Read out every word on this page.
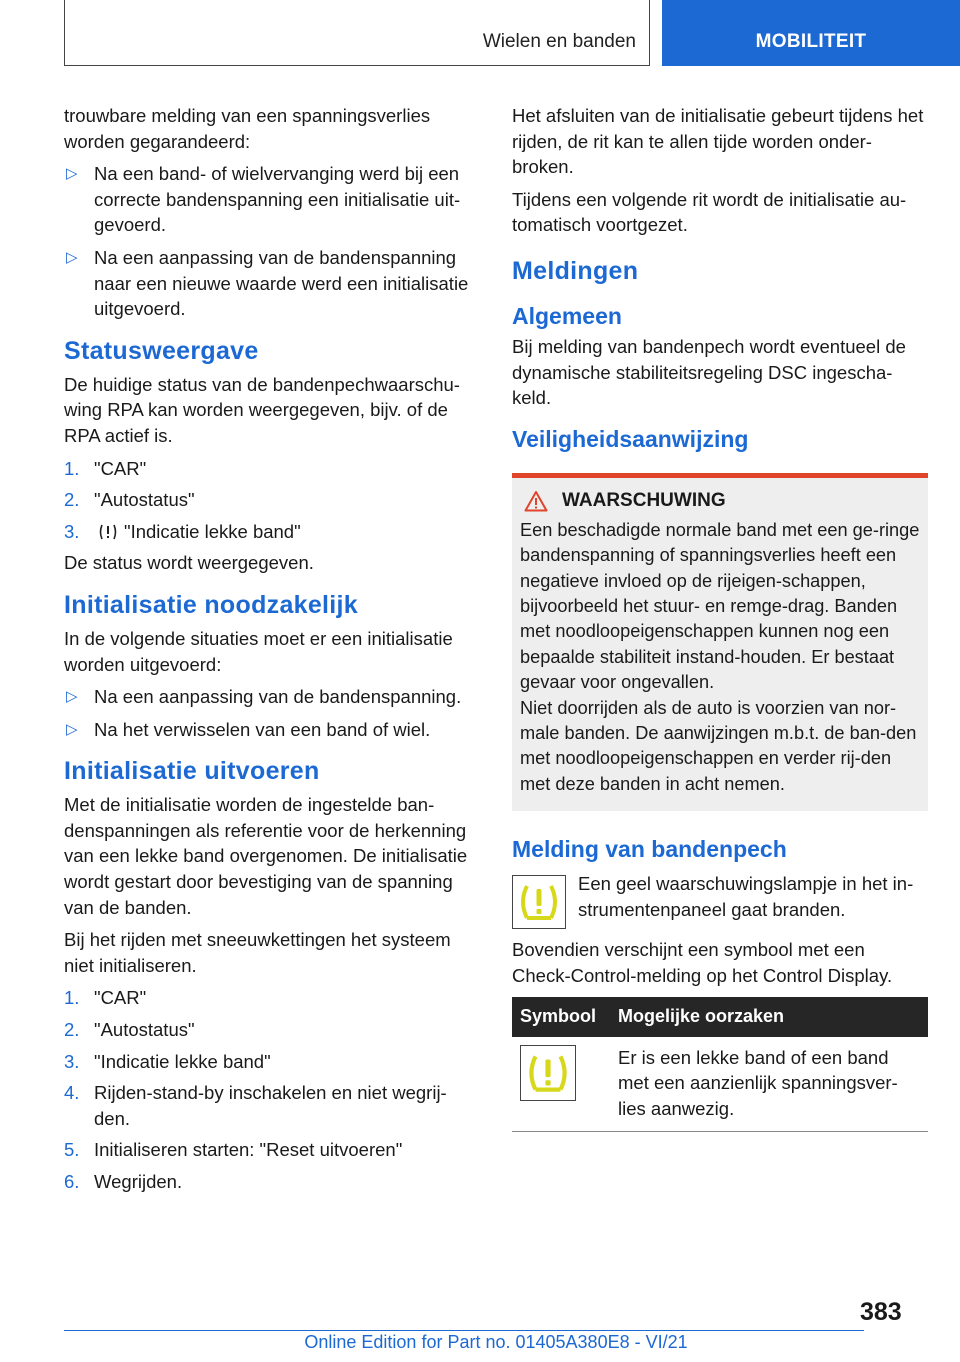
Wielen en banden	MOBILITEIT
trouwbare melding van een spanningsverlies worden gegarandeerd:
▷ Na een band- of wielvervanging werd bij een correcte bandenspanning een initialisatie uit-gevoerd.
▷ Na een aanpassing van de bandenspanning naar een nieuwe waarde werd een initialisatie uitgevoerd.
Statusweergave
De huidige status van de bandenpechwaarschu-wing RPA kan worden weergegeven, bijv. of de RPA actief is.
1. "CAR"
2. "Autostatus"
3. "Indicatie lekke band"
De status wordt weergegeven.
Initialisatie noodzakelijk
In de volgende situaties moet er een initialisatie worden uitgevoerd:
▷ Na een aanpassing van de bandenspanning.
▷ Na het verwisselen van een band of wiel.
Initialisatie uitvoeren
Met de initialisatie worden de ingestelde ban-denspanningen als referentie voor de herkenning van een lekke band overgenomen. De initialisatie wordt gestart door bevestiging van de spanning van de banden.
Bij het rijden met sneeuwkettingen het systeem niet initialiseren.
1. "CAR"
2. "Autostatus"
3. "Indicatie lekke band"
4. Rijden-stand-by inschakelen en niet wegrij-den.
5. Initialiseren starten: "Reset uitvoeren"
6. Wegrijden.
Het afsluiten van de initialisatie gebeurt tijdens het rijden, de rit kan te allen tijde worden onder-broken.
Tijdens een volgende rit wordt de initialisatie au-tomatisch voortgezet.
Meldingen
Algemeen
Bij melding van bandenpech wordt eventueel de dynamische stabiliteitsregeling DSC ingescha-keld.
Veiligheidsaanwijzing
WAARSCHUWING
Een beschadigde normale band met een ge-ringe bandenspanning of spanningsverlies heeft een negatieve invloed op de rijeigen-schappen, bijvoorbeeld het stuur- en remge-drag. Banden met noodloopeigenschappen kunnen nog een bepaalde stabiliteit instand-houden. Er bestaat gevaar voor ongevallen.
Niet doorrijden als de auto is voorzien van nor-male banden. De aanwijzingen m.b.t. de ban-den met noodloopeigenschappen en verder rij-den met deze banden in acht nemen.
Melding van bandenpech
Een geel waarschuwingslampje in het in-strumentenpaneel gaat branden.
Bovendien verschijnt een symbool met een Check-Control-melding op het Control Display.
Symbool	Mogelijke oorzaken

	Er is een lekke band of een band met een aanzienlijk spanningsver-lies aanwezig.
383
Online Edition for Part no. 01405A380E8 - VI/21
